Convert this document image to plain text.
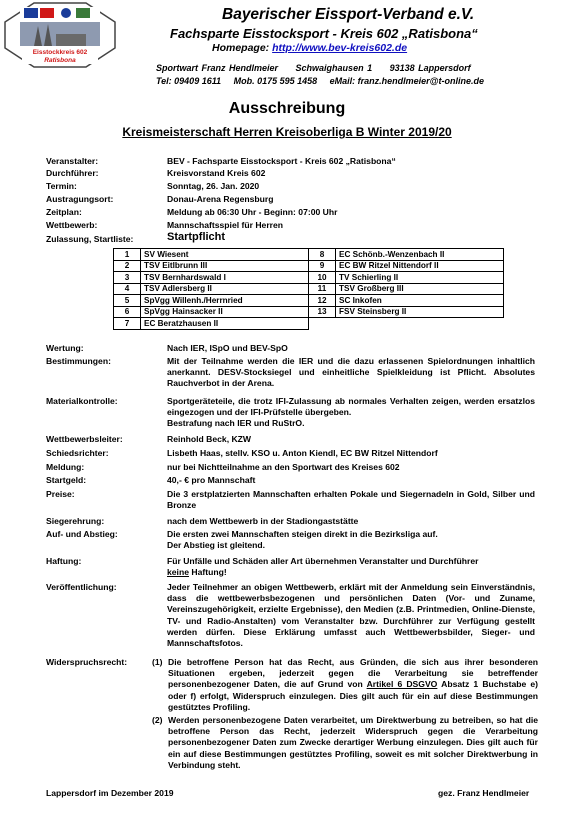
Eisstockkreis 602
Ratisbona
Bayerischer Eissport-Verband e.V.
Fachsparte Eisstocksport - Kreis 602 „Ratisbona“
Homepage: http://www.bev-kreis602.de
Sportwart Franz Hendlmeier Schwaighausen 1 93138 Lappersdorf
Tel: 09409 1611 Mob. 0175 595 1458 eMail: franz.hendlmeier@t-online.de
Ausschreibung
Kreismeisterschaft Herren Kreisoberliga B Winter 2019/20
Veranstalter:	BEV - Fachsparte Eisstocksport - Kreis 602 „Ratisbona“
Durchführer:	Kreisvorstand Kreis 602
Termin:	Sonntag, 26. Jan. 2020
Austragungsort:	Donau-Arena Regensburg
Zeitplan:	Meldung ab 06:30 Uhr - Beginn: 07:00 Uhr
Wettbewerb:	Mannschaftsspiel für Herren
Zulassung, Startliste:	Startpflicht
1	SV Wiesent	8	EC Schönb.-Wenzenbach II
2	TSV Eitlbrunn III	9	EC BW Ritzel Nittendorf II
3	TSV Bernhardswald I	10	TV Schierling II
4	TSV Adlersberg II	11	TSV Großberg III
5	SpVgg Willenh./Herrnried	12	SC Inkofen
6	SpVgg Hainsacker II	13	FSV Steinsberg II
7	EC Beratzhausen II		
Wertung:	Nach IER, ISpO und BEV-SpO
Bestimmungen:	Mit der Teilnahme werden die IER und die dazu erlassenen Spielordnungen inhaltlich anerkannt. DESV-Stocksiegel und einheitliche Spielkleidung ist Pflicht. Absolutes Rauchverbot in der Arena.
Materialkontrolle:	Sportgeräteteile, die trotz IFI-Zulassung ab normales Verhalten zeigen, werden ersatzlos eingezogen und der IFI-Prüfstelle übergeben.
Bestrafung nach IER und RuStrO.
Wettbewerbsleiter:	Reinhold Beck, KZW
Schiedsrichter:	Lisbeth Haas, stellv. KSO u. Anton Kiendl, EC BW Ritzel Nittendorf
Meldung:	nur bei Nichtteilnahme an den Sportwart des Kreises 602
Startgeld:	40,- € pro Mannschaft
Preise:	Die 3 erstplatzierten Mannschaften erhalten Pokale und Siegernadeln in Gold, Silber und Bronze
Siegerehrung:	nach dem Wettbewerb in der Stadiongaststätte
Auf- und Abstieg:	Die ersten zwei Mannschaften steigen direkt in die Bezirksliga auf.
Der Abstieg ist gleitend.
Haftung:	Für Unfälle und Schäden aller Art übernehmen Veranstalter und Durchführer
keine Haftung!
Veröffentlichung:	Jeder Teilnehmer an obigen Wettbewerb, erklärt mit der Anmeldung sein Einverständnis, dass die wettbewerbsbezogenen und persönlichen Daten (Vor- und Zuname, Vereinszugehörigkeit, erzielte Ergebnisse), den Medien (z.B. Printmedien, Online-Dienste, TV- und Radio-Anstalten) vom Veranstalter bzw. Durchführer zur Verfügung gestellt werden dürfen. Diese Erklärung umfasst auch Wettbewerbsbilder, Sieger- und Mannschaftsfotos.
Widerspruchsrecht:	(1) Die betroffene Person hat das Recht, aus Gründen, die sich aus ihrer besonderen Situationen ergeben, jederzeit gegen die Verarbeitung sie betreffender personenbezogener Daten, die auf Grund von Artikel 6 DSGVO Absatz 1 Buchstabe e) oder f) erfolgt, Widerspruch einzulegen. Dies gilt auch für ein auf diese Bestimmungen gestütztes Profiling.
(2) Werden personenbezogene Daten verarbeitet, um Direktwerbung zu betreiben, so hat die betroffene Person das Recht, jederzeit Widerspruch gegen die Verarbeitung personenbezogener Daten zum Zwecke derartiger Werbung einzulegen. Dies gilt auch für ein auf diese Bestimmungen gestütztes Profiling, soweit es mit solcher Direktwerbung in Verbindung steht.
Lappersdorf im Dezember 2019	gez. Franz Hendlmeier
